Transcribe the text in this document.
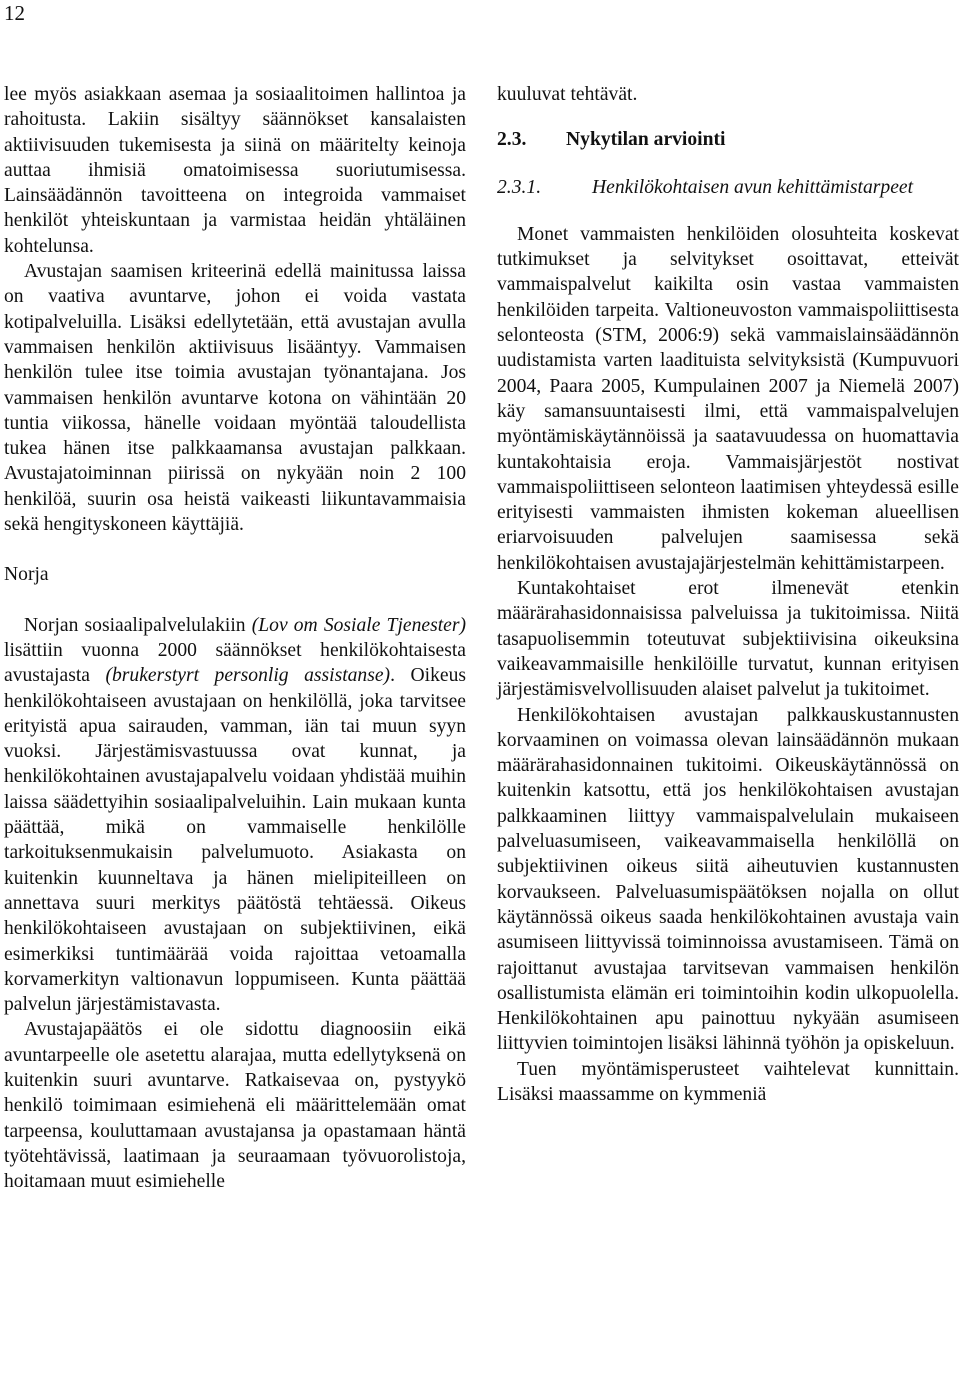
12

lee myös asiakkaan asemaa ja sosiaalitoimen hallintoa ja rahoitusta. Lakiin sisältyy säännökset kansalaisten aktiivisuuden tukemisesta ja siinä on määritelty keinoja auttaa ihmisiä omatoimisessa suoriutumisessa. Lainsäädännön tavoitteena on integroida vammaiset henkilöt yhteiskuntaan ja varmistaa heidän yhtäläinen kohtelunsa.

Avustajan saamisen kriteerinä edellä mainitussa laissa on vaativa avuntarve, johon ei voida vastata kotipalveluilla. Lisäksi edellytetään, että avustajan avulla vammaisen henkilön aktiivisuus lisääntyy. Vammaisen henkilön tulee itse toimia avustajan työnantajana. Jos vammaisen henkilön avuntarve kotona on vähintään 20 tuntia viikossa, hänelle voidaan myöntää taloudellista tukea hänen itse palkkaamansa avustajan palkkaan. Avustajatoiminnan piirissä on nykyään noin 2 100 henkilöä, suurin osa heistä vaikeasti liikuntavammaisia sekä hengityskoneen käyttäjiä.

Norja

Norjan sosiaalipalvelulakiin (Lov om Sosiale Tjenester) lisättiin vuonna 2000 säännökset henkilökohtaisesta avustajasta (brukerstyrt personlig assistanse). Oikeus henkilökohtaiseen avustajaan on henkilöllä, joka tarvitsee erityistä apua sairauden, vamman, iän tai muun syyn vuoksi. Järjestämisvastuussa ovat kunnat, ja henkilökohtainen avustajapalvelu voidaan yhdistää muihin laissa säädettyihin sosiaalipalveluihin. Lain mukaan kunta päättää, mikä on vammaiselle henkilölle tarkoituksenmukaisin palvelumuoto. Asiakasta on kuitenkin kuunneltava ja hänen mielipiteilleen on annettava suuri merkitys päätöstä tehtäessä. Oikeus henkilökohtaiseen avustajaan on subjektiivinen, eikä esimerkiksi tuntimäärää voida rajoittaa vetoamalla korvamerkityn valtionavun loppumiseen. Kunta päättää palvelun järjestämistavasta.

Avustajapäätös ei ole sidottu diagnoosiin eikä avuntarpeelle ole asetettu alarajaa, mutta edellytyksenä on kuitenkin suuri avuntarve. Ratkaisevaa on, pystyykö henkilö toimimaan esimiehenä eli määrittelemään omat tarpeensa, kouluttamaan avustajansa ja opastamaan häntä työtehtävissä, laatimaan ja seuraamaan työvuorolistoja, hoitamaan muut esimiehelle

kuuluvat tehtävät.

2.3. Nykytilan arviointi

2.3.1.	Henkilökohtaisen avun kehittämistarpeet

Monet vammaisten henkilöiden olosuhteita koskevat tutkimukset ja selvitykset osoittavat, etteivät vammaispalvelut kaikilta osin vastaa vammaisten henkilöiden tarpeita. Valtioneuvoston vammaispoliittisesta selonteosta (STM, 2006:9) sekä vammaislainsäädännön uudistamista varten laadituista selvityksistä (Kumpuvuori 2004, Paara 2005, Kumpulainen 2007 ja Niemelä 2007) käy samansuuntaisesti ilmi, että vammaispalvelujen myöntämiskäytännöissä ja saatavuudessa on huomattavia kuntakohtaisia eroja. Vammaisjärjestöt nostivat vammaispoliittiseen selonteon laatimisen yhteydessä esille erityisesti vammaisten ihmisten kokeman alueellisen eriarvoisuuden palvelujen saamisessa sekä henkilökohtaisen avustajajärjestelmän kehittämistarpeen.

Kuntakohtaiset erot ilmenevät etenkin määrärahasidonnaisissa palveluissa ja tukitoimissa. Niitä tasapuolisemmin toteutuvat subjektiivisina oikeuksina vaikeavammaisille henkilöille turvatut, kunnan erityisen järjestämisvelvollisuuden alaiset palvelut ja tukitoimet.

Henkilökohtaisen avustajan palkkauskustannusten korvaaminen on voimassa olevan lainsäädännön mukaan määrärahasidonnainen tukitoimi. Oikeuskäytännössä on kuitenkin katsottu, että jos henkilökohtaisen avustajan palkkaaminen liittyy vammaispalvelulain mukaiseen palveluasumiseen, vaikeavammaisella henkilöllä on subjektiivinen oikeus siitä aiheutuvien kustannusten korvaukseen. Palveluasumispäätöksen nojalla on ollut käytännössä oikeus saada henkilökohtainen avustaja vain asumiseen liittyvissä toiminnoissa avustamiseen. Tämä on rajoittanut avustajaa tarvitsevan vammaisen henkilön osallistumista elämän eri toimintoihin kodin ulkopuolella. Henkilökohtainen apu painottuu nykyään asumiseen liittyvien toimintojen lisäksi lähinnä työhön ja opiskeluun.

Tuen myöntämisperusteet vaihtelevat kunnittain. Lisäksi maassamme on kymmeniä
